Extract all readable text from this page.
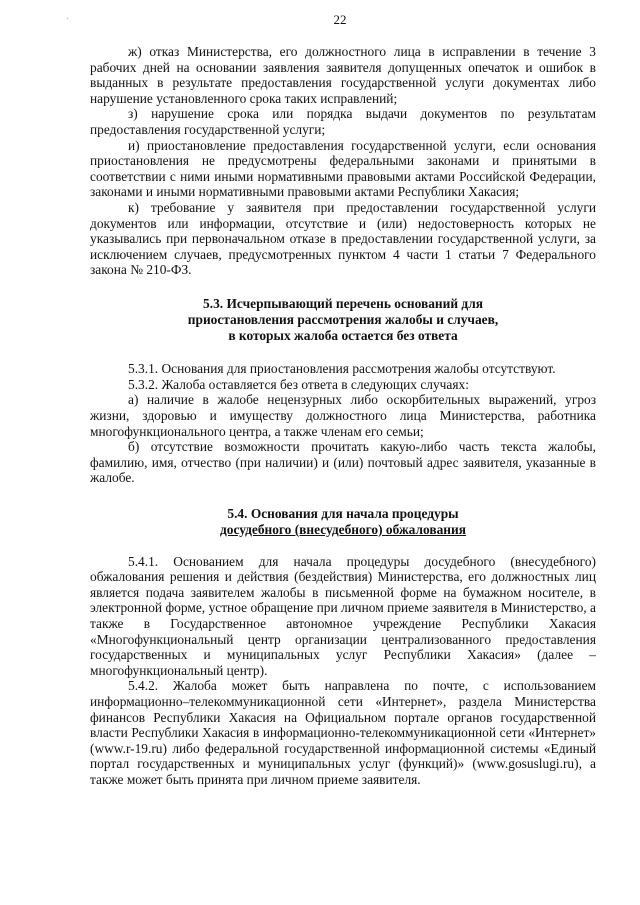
22
·

ж) отказ Министерства, его должностного лица в исправлении в течение 3 рабочих дней на основании заявления заявителя допущенных опечаток и ошибок в выданных в результате предоставления государственной услуги документах либо нарушение установленного срока таких исправлений;

з) нарушение срока или порядка выдачи документов по результатам предоставления государственной услуги;

и) приостановление предоставления государственной услуги, если основания приостановления не предусмотрены федеральными законами и принятыми в соответствии с ними иными нормативными правовыми актами Российской Федерации, законами и иными нормативными правовыми актами Республики Хакасия;

к) требование у заявителя при предоставлении государственной услуги документов или информации, отсутствие и (или) недостоверность которых не указывались при первоначальном отказе в предоставлении государственной услуги, за исключением случаев, предусмотренных пунктом 4 части 1 статьи 7 Федерального закона № 210-ФЗ.

5.3. Исчерпывающий перечень оснований для
приостановления рассмотрения жалобы и случаев,
в которых жалоба остается без ответа

5.3.1. Основания для приостановления рассмотрения жалобы отсутствуют.

5.3.2. Жалоба оставляется без ответа в следующих случаях:

а) наличие в жалобе нецензурных либо оскорбительных выражений, угроз жизни, здоровью и имуществу должностного лица Министерства, работника многофункционального центра, а также членам его семьи;

б) отсутствие возможности прочитать какую-либо часть текста жалобы, фамилию, имя, отчество (при наличии) и (или) почтовый адрес заявителя, указанные в жалобе.

5.4. Основания для начала процедуры
досудебного (внесудебного) обжалования

5.4.1. Основанием для начала процедуры досудебного (внесудебного) обжалования решения и действия (бездействия) Министерства, его должностных лиц является подача заявителем жалобы в письменной форме на бумажном носителе, в электронной форме, устное обращение при личном приеме заявителя в Министерство, а также в Государственное автономное учреждение Республики Хакасия «Многофункциональный центр организации централизованного предоставления государственных и муниципальных услуг Республики Хакасия» (далее – многофункциональный центр).

5.4.2. Жалоба может быть направлена по почте, с использованием информационно–телекоммуникационной сети «Интернет», раздела Министерства финансов Республики Хакасия на Официальном портале органов государственной власти Республики Хакасия в информационно-телекоммуникационной сети «Интернет» (www.r-19.ru) либо федеральной государственной информационной системы «Единый портал государственных и муниципальных услуг (функций)» (www.gosuslugi.ru), а также может быть принята при личном приеме заявителя.
